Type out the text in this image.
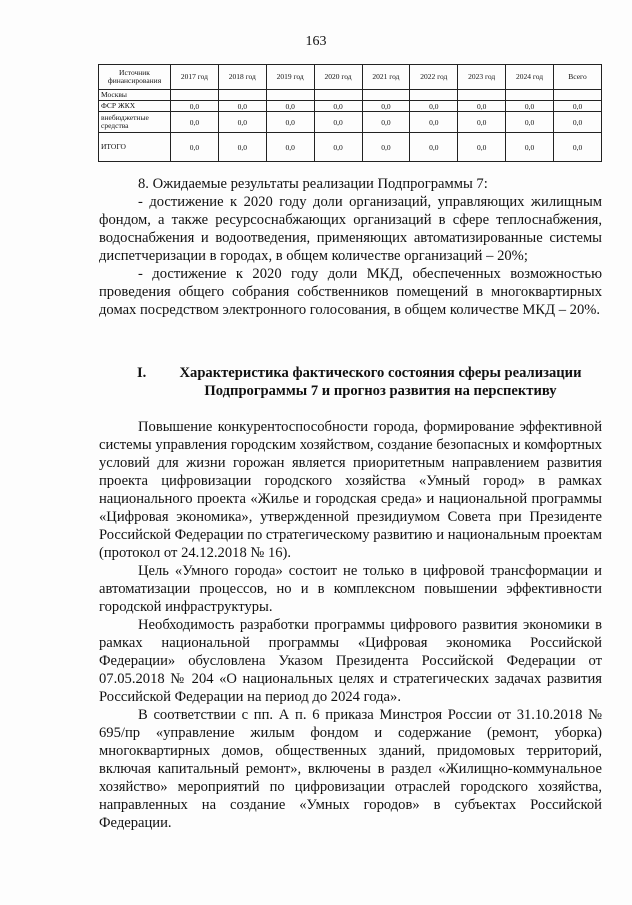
163
Источник финансирования	2017 год	2018 год	2019 год	2020 год	2021 год	2022 год	2023 год	2024 год	Всего
Москвы									
ФСР ЖКХ	0,0	0,0	0,0	0,0	0,0	0,0	0,0	0,0	0,0
внебюджетные средства	0,0	0,0	0,0	0,0	0,0	0,0	0,0	0,0	0,0
ИТОГО	0,0	0,0	0,0	0,0	0,0	0,0	0,0	0,0	0,0

8. Ожидаемые результаты реализации Подпрограммы 7:

- достижение к 2020 году доли организаций, управляющих жилищным фондом, а также ресурсоснабжающих организаций в сфере теплоснабжения, водоснабжения и водоотведения, применяющих автоматизированные системы диспетчеризации в городах, в общем количестве организаций – 20%;

- достижение к 2020 году доли МКД, обеспеченных возможностью проведения общего собрания собственников помещений в многоквартирных домах посредством электронного голосования, в общем количестве МКД – 20%.

I.	Характеристика фактического состояния сферы реализации
Подпрограммы 7 и прогноз развития на перспективу

Повышение конкурентоспособности города, формирование эффективной системы управления городским хозяйством, создание безопасных и комфортных условий для жизни горожан является приоритетным направлением развития проекта цифровизации городского хозяйства «Умный город» в рамках национального проекта «Жилье и городская среда» и национальной программы «Цифровая экономика», утвержденной президиумом Совета при Президенте Российской Федерации по стратегическому развитию и национальным проектам (протокол от 24.12.2018 № 16).

Цель «Умного города» состоит не только в цифровой трансформации и автоматизации процессов, но и в комплексном повышении эффективности городской инфраструктуры.

Необходимость разработки программы цифрового развития экономики в рамках национальной программы «Цифровая экономика Российской Федерации» обусловлена Указом Президента Российской Федерации от 07.05.2018 № 204 «О национальных целях и стратегических задачах развития Российской Федерации на период до 2024 года».

В соответствии с пп. А п. 6 приказа Минстроя России от 31.10.2018 № 695/пр «управление жилым фондом и содержание (ремонт, уборка) многоквартирных домов, общественных зданий, придомовых территорий, включая капитальный ремонт», включены в раздел «Жилищно-коммунальное хозяйство» мероприятий по цифровизации отраслей городского хозяйства, направленных на создание «Умных городов» в субъектах Российской Федерации.
